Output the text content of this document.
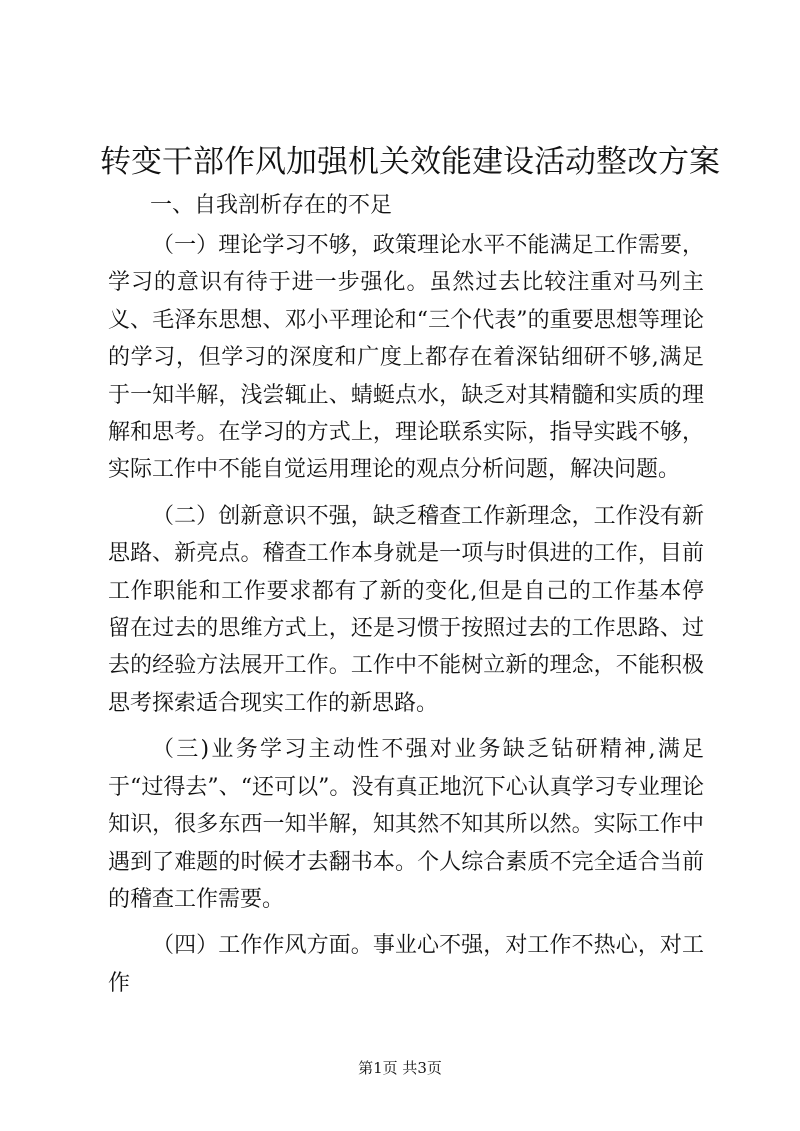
转变干部作风加强机关效能建设活动整改方案
一、自我剖析存在的不足

（一）理论学习不够，政策理论水平不能满足工作需要，学习的意识有待于进一步强化。虽然过去比较注重对马列主义、毛泽东思想、邓小平理论和“三个代表”的重要思想等理论的学习，但学习的深度和广度上都存在着深钻细研不够,满足于一知半解，浅尝辄止、蜻蜓点水，缺乏对其精髓和实质的理解和思考。在学习的方式上，理论联系实际，指导实践不够，实际工作中不能自觉运用理论的观点分析问题，解决问题。

（二）创新意识不强，缺乏稽查工作新理念，工作没有新思路、新亮点。稽查工作本身就是一项与时俱进的工作，目前工作职能和工作要求都有了新的变化,但是自己的工作基本停留在过去的思维方式上，还是习惯于按照过去的工作思路、过去的经验方法展开工作。工作中不能树立新的理念，不能积极思考探索适合现实工作的新思路。

（三)业务学习主动性不强对业务缺乏钻研精神,满足于“过得去”、“还可以”。没有真正地沉下心认真学习专业理论知识，很多东西一知半解，知其然不知其所以然。实际工作中遇到了难题的时候才去翻书本。个人综合素质不完全适合当前的稽查工作需要。

（四）工作作风方面。事业心不强，对工作不热心，对工作

第1页 共3页
